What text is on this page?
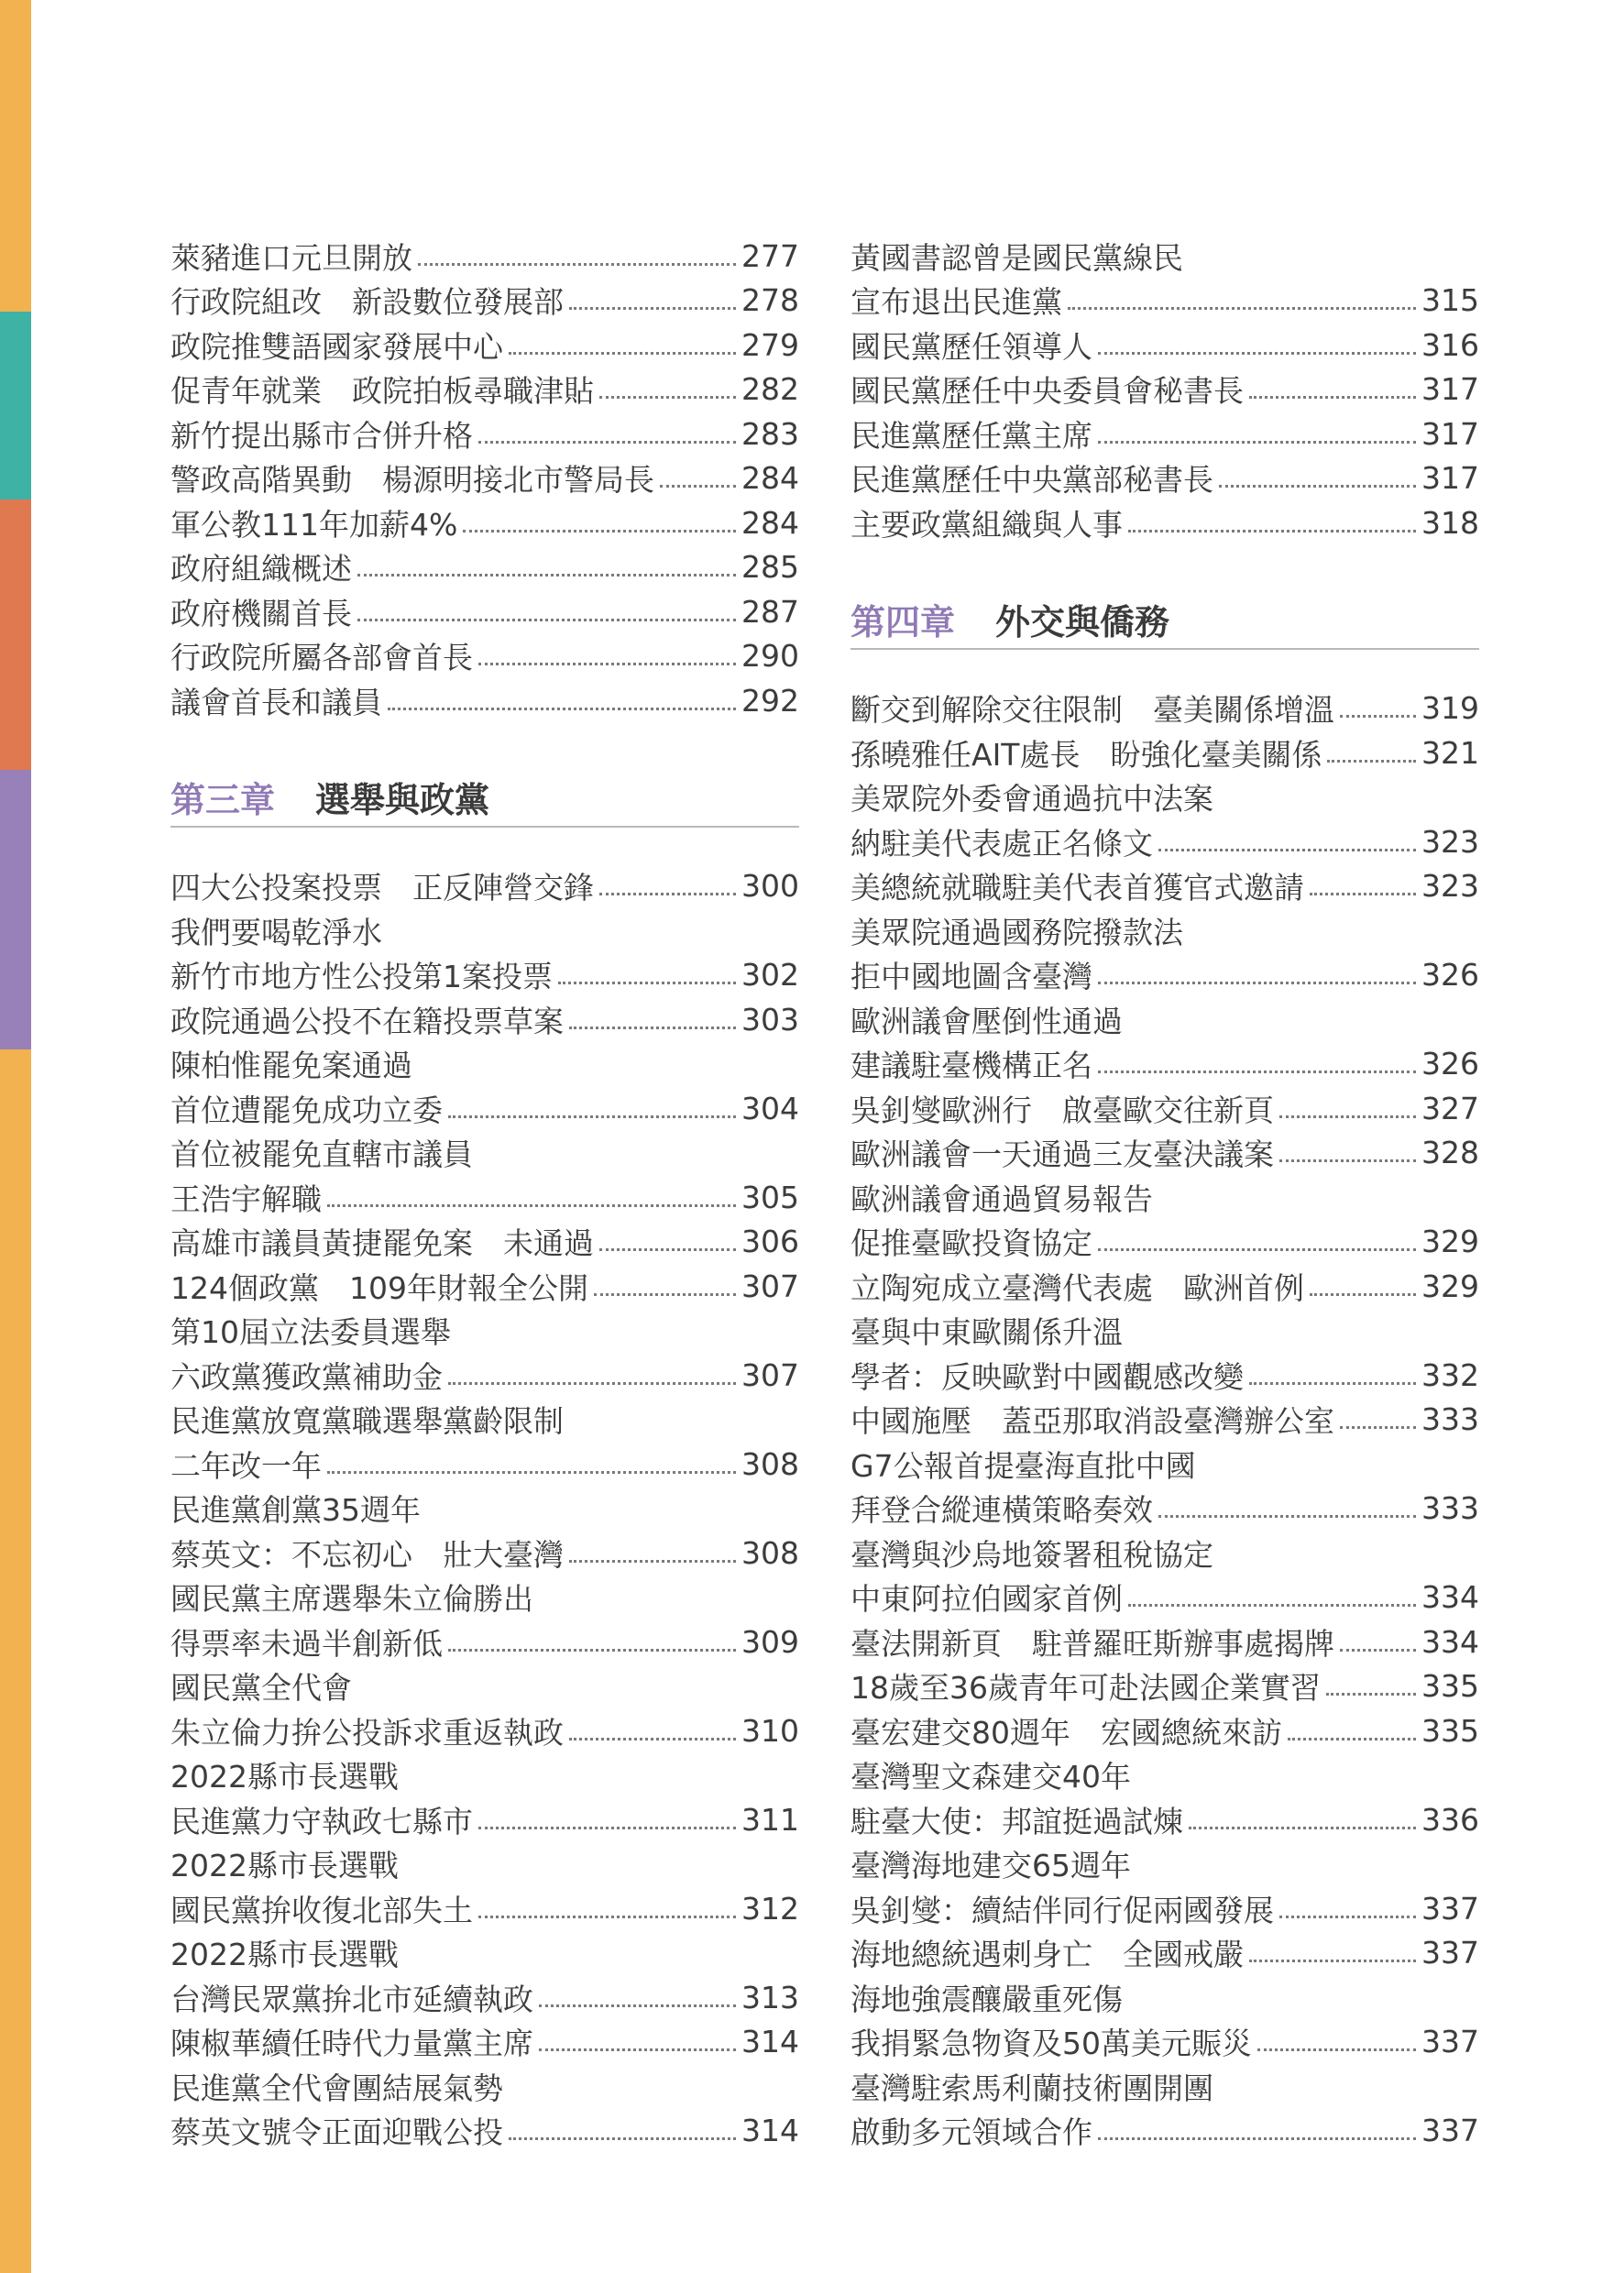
萊豬進口元旦開放	277
行政院組改　新設數位發展部	278
政院推雙語國家發展中心	279
促青年就業　政院拍板尋職津貼	282
新竹提出縣市合併升格	283
警政高階異動　楊源明接北市警局長	284
軍公教111年加薪4%	284
政府組織概述	285
政府機關首長	287
行政院所屬各部會首長	290
議會首長和議員	292
第三章 選舉與政黨
四大公投案投票　正反陣營交鋒	300
我們要喝乾淨水
新竹市地方性公投第1案投票	302
政院通過公投不在籍投票草案	303
陳柏惟罷免案通過
首位遭罷免成功立委	304
首位被罷免直轄市議員
王浩宇解職	305
高雄市議員黃捷罷免案　未通過	306
124個政黨　109年財報全公開	307
第10屆立法委員選舉
六政黨獲政黨補助金	307
民進黨放寬黨職選舉黨齡限制
二年改一年	308
民進黨創黨35週年
蔡英文：不忘初心　壯大臺灣	308
國民黨主席選舉朱立倫勝出
得票率未過半創新低	309
國民黨全代會
朱立倫力拚公投訴求重返執政	310
2022縣市長選戰
民進黨力守執政七縣市	311
2022縣市長選戰
國民黨拚收復北部失土	312
2022縣市長選戰
台灣民眾黨拚北市延續執政	313
陳椒華續任時代力量黨主席	314
民進黨全代會團結展氣勢
蔡英文號令正面迎戰公投	314
黃國書認曾是國民黨線民
宣布退出民進黨	315
國民黨歷任領導人	316
國民黨歷任中央委員會秘書長	317
民進黨歷任黨主席	317
民進黨歷任中央黨部秘書長	317
主要政黨組織與人事	318
第四章 外交與僑務
斷交到解除交往限制　臺美關係增溫	319
孫曉雅任AIT處長　盼強化臺美關係	321
美眾院外委會通過抗中法案
納駐美代表處正名條文	323
美總統就職駐美代表首獲官式邀請	323
美眾院通過國務院撥款法
拒中國地圖含臺灣	326
歐洲議會壓倒性通過
建議駐臺機構正名	326
吳釗燮歐洲行　啟臺歐交往新頁	327
歐洲議會一天通過三友臺決議案	328
歐洲議會通過貿易報告
促推臺歐投資協定	329
立陶宛成立臺灣代表處　歐洲首例	329
臺與中東歐關係升溫
學者：反映歐對中國觀感改變	332
中國施壓　蓋亞那取消設臺灣辦公室	333
G7公報首提臺海直批中國
拜登合縱連橫策略奏效	333
臺灣與沙烏地簽署租稅協定
中東阿拉伯國家首例	334
臺法開新頁　駐普羅旺斯辦事處揭牌	334
18歲至36歲青年可赴法國企業實習	335
臺宏建交80週年　宏國總統來訪	335
臺灣聖文森建交40年
駐臺大使：邦誼挺過試煉	336
臺灣海地建交65週年
吳釗燮：續結伴同行促兩國發展	337
海地總統遇刺身亡　全國戒嚴	337
海地強震釀嚴重死傷
我捐緊急物資及50萬美元賑災	337
臺灣駐索馬利蘭技術團開團
啟動多元領域合作	337
